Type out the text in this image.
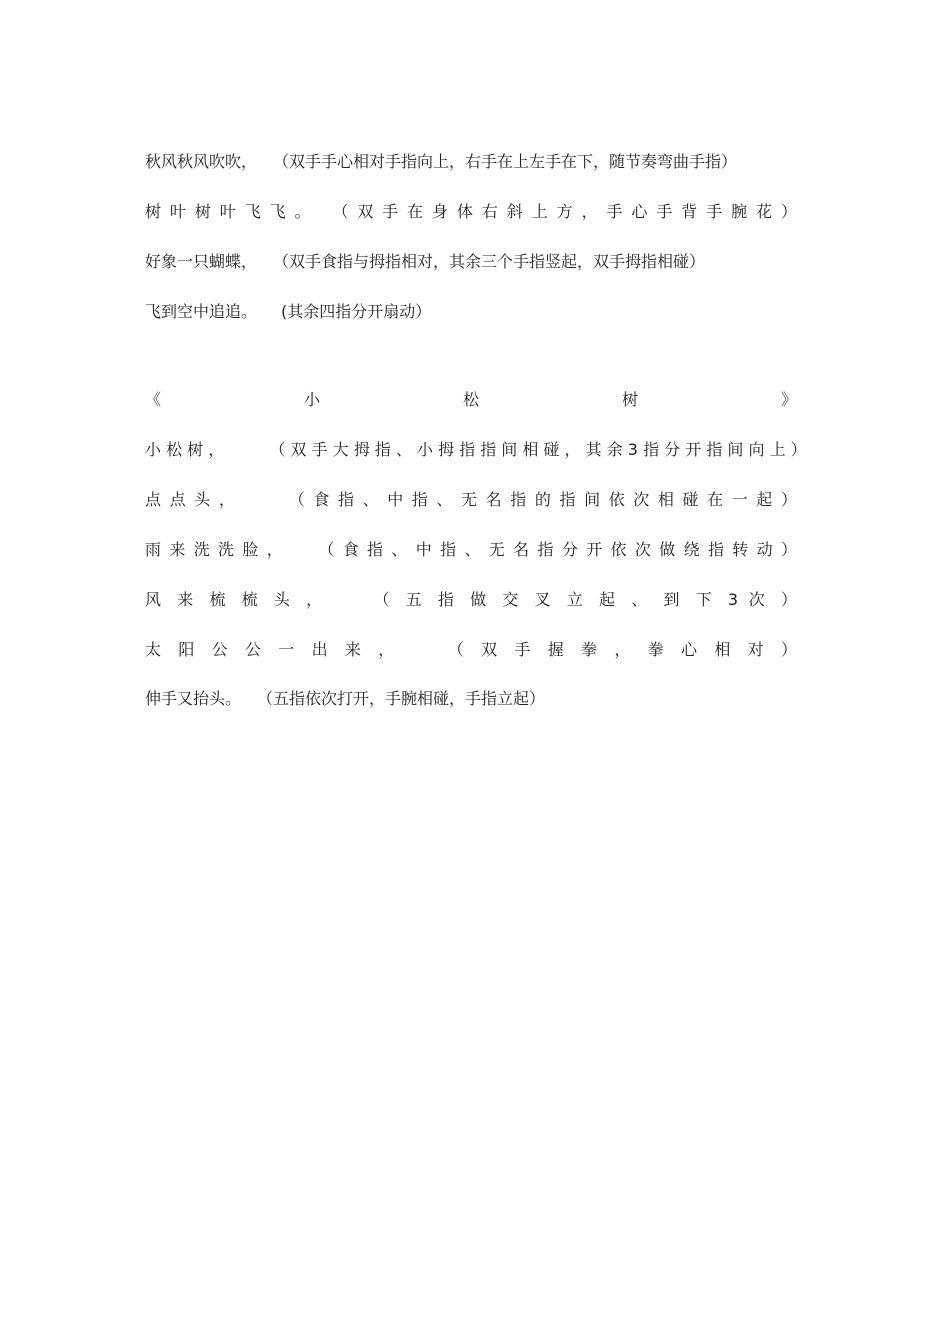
秋风秋风吹吹，　　（双手手心相对手指向上，右手在上左手在下，随节奏弯曲手指）
树 叶 树 叶 飞 飞 。　　（ 双 手 在 身 体 右 斜 上 方 ， 手 心 手 背 手 腕 花 ）
好象一只蝴蝶，　　（双手食指与拇指相对，其余三个手指竖起，双手拇指相碰）
飞到空中追追。　　(其余四指分开扇动）
《 小 松 树 》
小 松 树 ，　　　 （ 双 手 大 拇 指 、 小 拇 指 指 间 相 碰 ， 其 余 3 指 分 开 指 间 向 上 ）
点 点 头 ，　　　 （ 食 指 、 中 指 、 无 名 指 的 指 间 依 次 相 碰 在 一 起 ）
雨 来 洗 洗 脸 ，　　 （ 食 指 、 中 指 、 无 名 指 分 开 依 次 做 绕 指 转 动 ）
风 来 梳 梳 头 ，　　 （ 五 指 做 交 叉 立 起 、 到 下 3 次 ）
太 阳 公 公 一 出 来 ，　　 （ 双 手 握 拳 ， 拳 心 相 对 ）
伸手又抬头。　　（五指依次打开，手腕相碰，手指立起）
